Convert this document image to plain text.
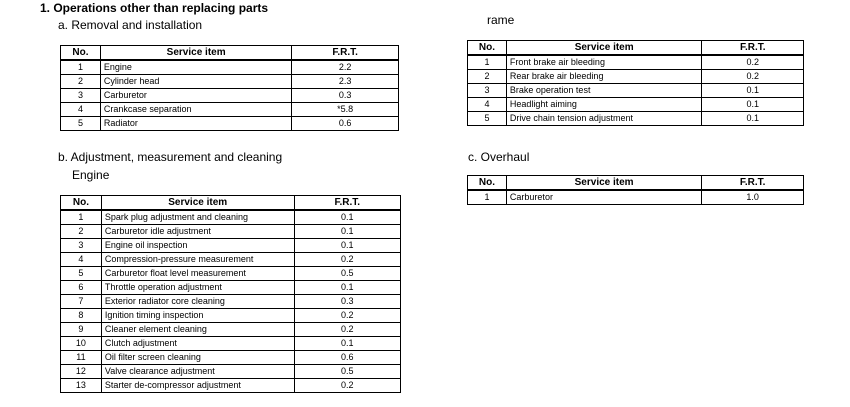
1. Operations other than replacing parts
a. Removal and installation
b. Adjustment, measurement and cleaning
Engine
rame
c. Overhaul
No.	Service item	F.R.T.
1	Engine	2.2
2	Cylinder head	2.3
3	Carburetor	0.3
4	Crankcase separation	*5.8
5	Radiator	0.6
No.	Service item	F.R.T.
1	Spark plug adjustment and cleaning	0.1
2	Carburetor idle adjustment	0.1
3	Engine oil inspection	0.1
4	Compression-pressure measurement	0.2
5	Carburetor float level measurement	0.5
6	Throttle operation adjustment	0.1
7	Exterior radiator core cleaning	0.3
8	Ignition timing inspection	0.2
9	Cleaner element cleaning	0.2
10	Clutch adjustment	0.1
11	Oil filter screen cleaning	0.6
12	Valve clearance adjustment	0.5
13	Starter de-compressor adjustment	0.2
No.	Service item	F.R.T.
1	Front brake air bleeding	0.2
2	Rear brake air bleeding	0.2
3	Brake operation test	0.1
4	Headlight aiming	0.1
5	Drive chain tension adjustment	0.1
No.	Service item	F.R.T.
1	Carburetor	1.0
